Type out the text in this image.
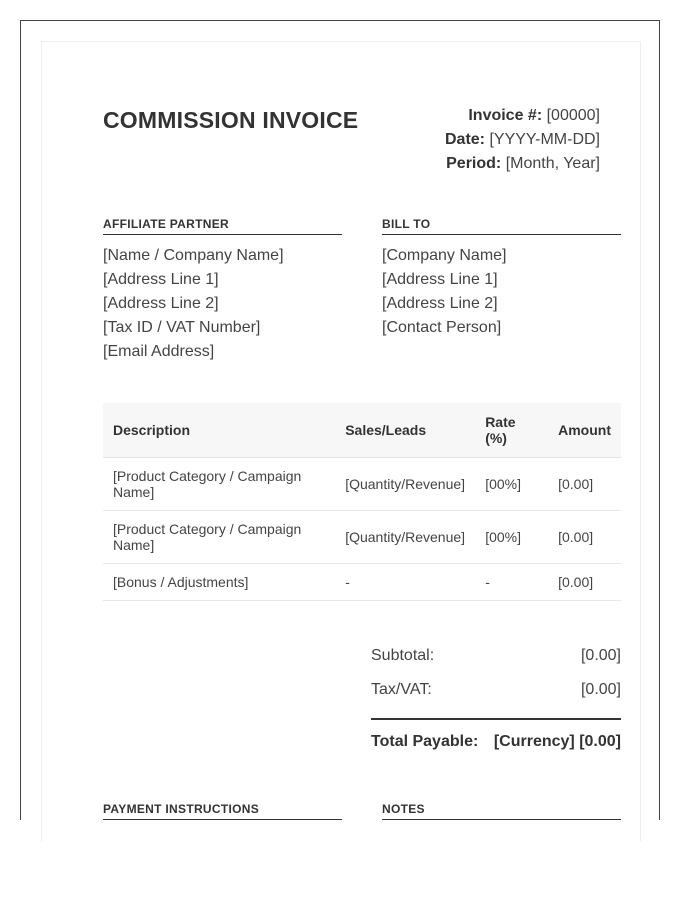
COMMISSION INVOICE	Invoice #: [00000]
Date: [YYYY-MM-DD]
Period: [Month, Year]
AFFILIATE PARTNER
[Name / Company Name]
[Address Line 1]
[Address Line 2]
[Tax ID / VAT Number]
[Email Address]
BILL TO
[Company Name]
[Address Line 1]
[Address Line 2]
[Contact Person]
Description	Sales/Leads	Rate (%)	Amount
[Product Category / Campaign Name]	[Quantity/Revenue]	[00%]	[0.00]
[Product Category / Campaign Name]	[Quantity/Revenue]	[00%]	[0.00]
[Bonus / Adjustments]	-	-	[0.00]
Subtotal:	[0.00]
Tax/VAT:	[0.00]
Total Payable: [Currency] [0.00]
PAYMENT INSTRUCTIONS	NOTES
